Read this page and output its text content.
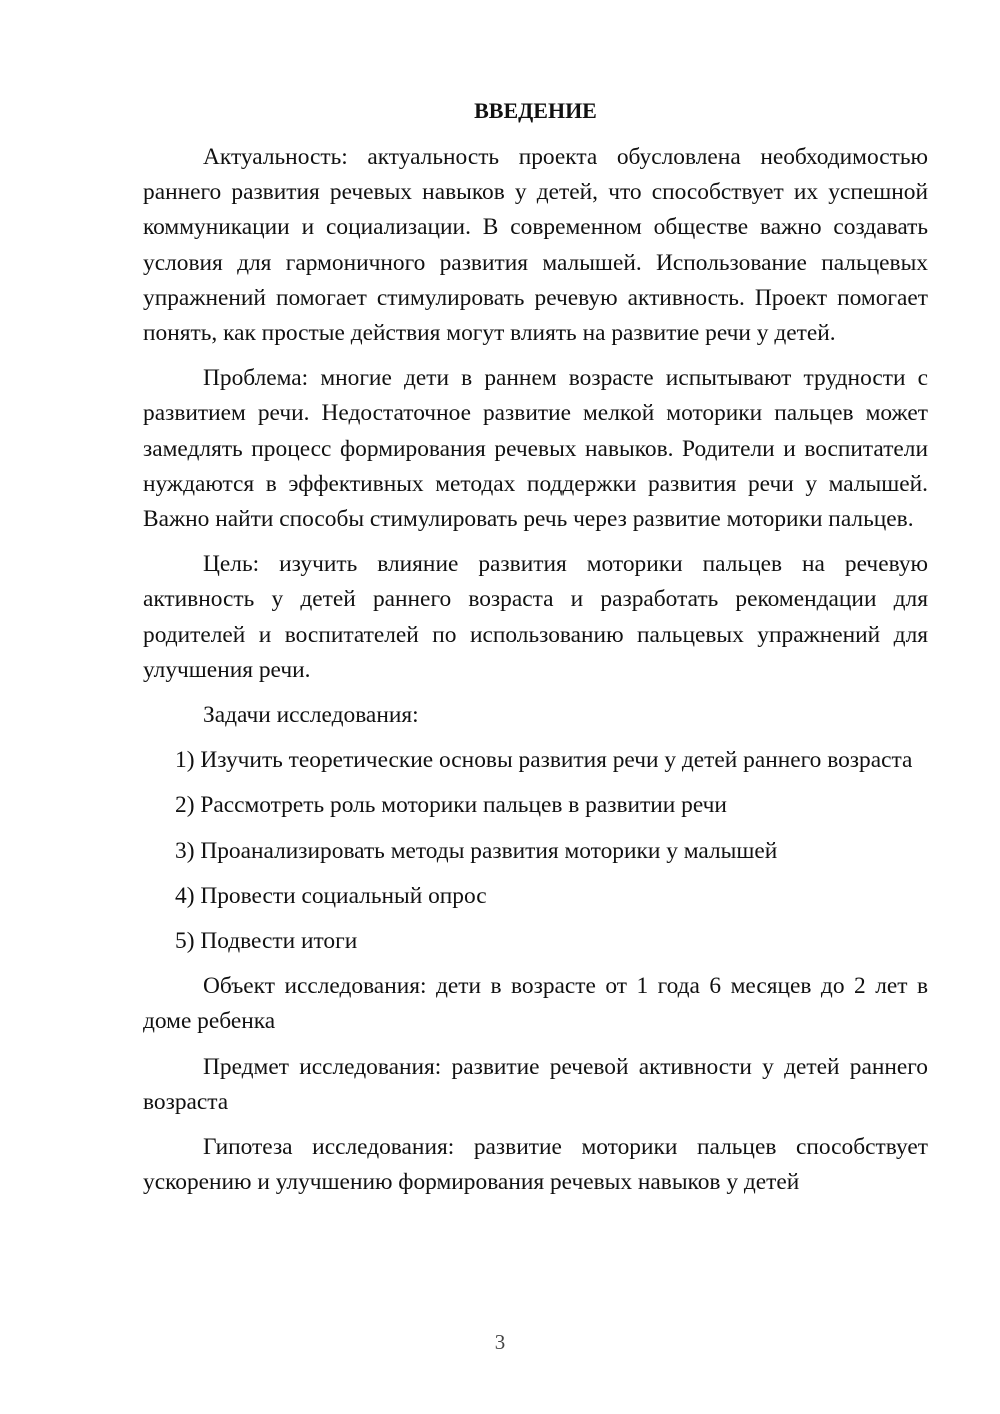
ВВЕДЕНИЕ

Актуальность: актуальность проекта обусловлена необходимостью раннего развития речевых навыков у детей, что способствует их успешной коммуникации и социализации. В современном обществе важно создавать условия для гармоничного развития малышей. Использование пальцевых упражнений помогает стимулировать речевую активность. Проект помогает понять, как простые действия могут влиять на развитие речи у детей.

Проблема: многие дети в раннем возрасте испытывают трудности с развитием речи. Недостаточное развитие мелкой моторики пальцев может замедлять процесс формирования речевых навыков. Родители и воспитатели нуждаются в эффективных методах поддержки развития речи у малышей. Важно найти способы стимулировать речь через развитие моторики пальцев.

Цель: изучить влияние развития моторики пальцев на речевую активность у детей раннего возраста и разработать рекомендации для родителей и воспитателей по использованию пальцевых упражнений для улучшения речи.

Задачи исследования:

1) Изучить теоретические основы развития речи у детей раннего возраста

2) Рассмотреть роль моторики пальцев в развитии речи

3) Проанализировать методы развития моторики у малышей

4) Провести социальный опрос

5) Подвести итоги

Объект исследования: дети в возрасте от 1 года 6 месяцев до 2 лет в доме ребенка

Предмет исследования: развитие речевой активности у детей раннего возраста

Гипотеза исследования: развитие моторики пальцев способствует ускорению и улучшению формирования речевых навыков у детей

3
